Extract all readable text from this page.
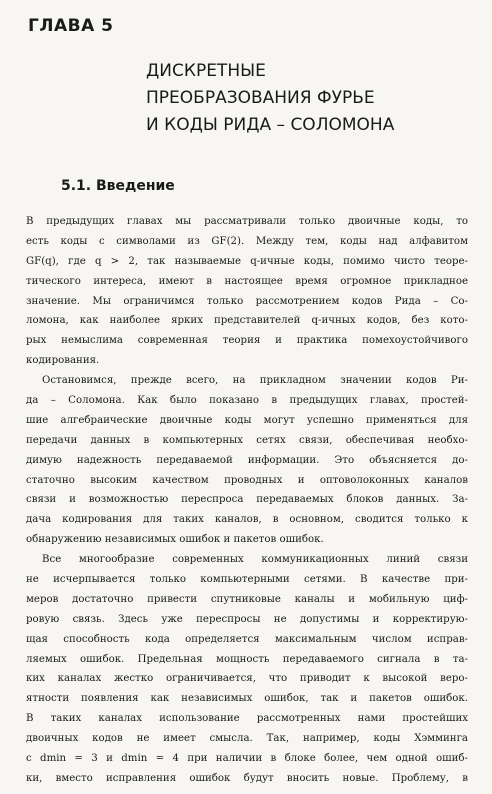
ГЛАВА 5
ДИСКРЕТНЫЕ
ПРЕОБРАЗОВАНИЯ ФУРЬЕ
И КОДЫ РИДА – СОЛОМОНА
5.1. Введение
В предыдущих главах мы рассматривали только двоичные коды, то
есть коды с символами из GF(2). Между тем, коды над алфавитом
GF(q), где q > 2, так называемые q-ичные коды, помимо чисто теоре-
тического интереса, имеют в настоящее время огромное прикладное
значение. Мы ограничимся только рассмотрением кодов Рида – Со-
ломона, как наиболее ярких представителей q-ичных кодов, без кото-
рых немыслима современная теория и практика помехоустойчивого
кодирования.
Остановимся, прежде всего, на прикладном значении кодов Ри-
да – Соломона. Как было показано в предыдущих главах, простей-
шие алгебраические двоичные коды могут успешно применяться для
передачи данных в компьютерных сетях связи, обеспечивая необхо-
димую надежность передаваемой информации. Это объясняется до-
статочно высоким качеством проводных и оптоволоконных каналов
связи и возможностью переспроса передаваемых блоков данных. За-
дача кодирования для таких каналов, в основном, сводится только к
обнаружению независимых ошибок и пакетов ошибок.
Все многообразие современных коммуникационных линий связи
не исчерпывается только компьютерными сетями. В качестве при-
меров достаточно привести спутниковые каналы и мобильную циф-
ровую связь. Здесь уже переспросы не допустимы и корректирую-
щая способность кода определяется максимальным числом исправ-
ляемых ошибок. Предельная мощность передаваемого сигнала в та-
ких каналах жестко ограничивается, что приводит к высокой веро-
ятности появления как независимых ошибок, так и пакетов ошибок.
В таких каналах использование рассмотренных нами простейших
двоичных кодов не имеет смысла. Так, например, коды Хэмминга
с dmin = 3 и dmin = 4 при наличии в блоке более, чем одной ошиб-
ки, вместо исправления ошибок будут вносить новые. Проблему, в
